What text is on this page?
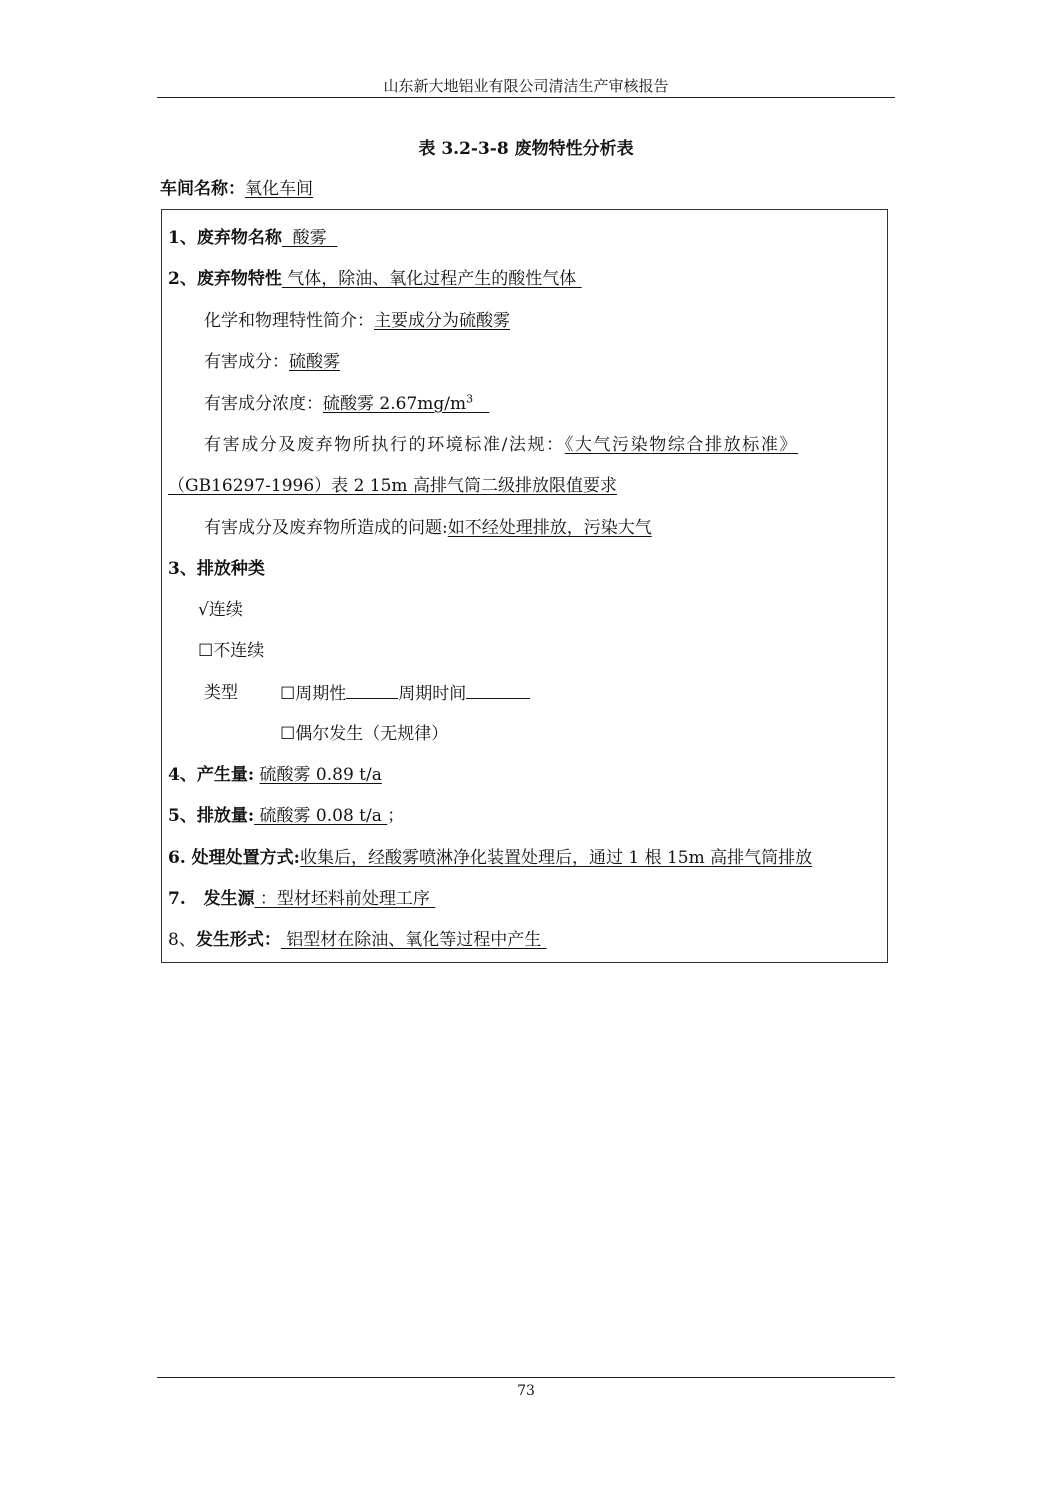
山东新大地铝业有限公司清洁生产审核报告
表 3.2-3-8 废物特性分析表
车间名称：氧化车间
1、废弃物名称  酸雾
2、废弃物特性 气体，除油、氧化过程产生的酸性气体
化学和物理特性简介：主要成分为硫酸雾
有害成分：硫酸雾
有害成分浓度：硫酸雾 $2.67mg/m^3$
有害成分及废弃物所执行的环境标准/法规：《大气污染物综合排放标准》
（GB16297-1996）表 2 15m 高排气筒二级排放限值要求
有害成分及废弃物所造成的问题:如不经处理排放，污染大气
3、排放种类
√连续
☐不连续
类型 ☐周期性	周期时间
☐偶尔发生（无规律）
4、产生量: 硫酸雾 0.89 t/a
5、排放量: 硫酸雾 0.08 t/a ；
6. 处理处置方式:收集后，经酸雾喷淋净化装置处理后，通过 1 根 15m 高排气筒排放
7.   发生源 ：型材坯料前处理工序
8、发生形式： 铝型材在除油、氧化等过程中产生
73
